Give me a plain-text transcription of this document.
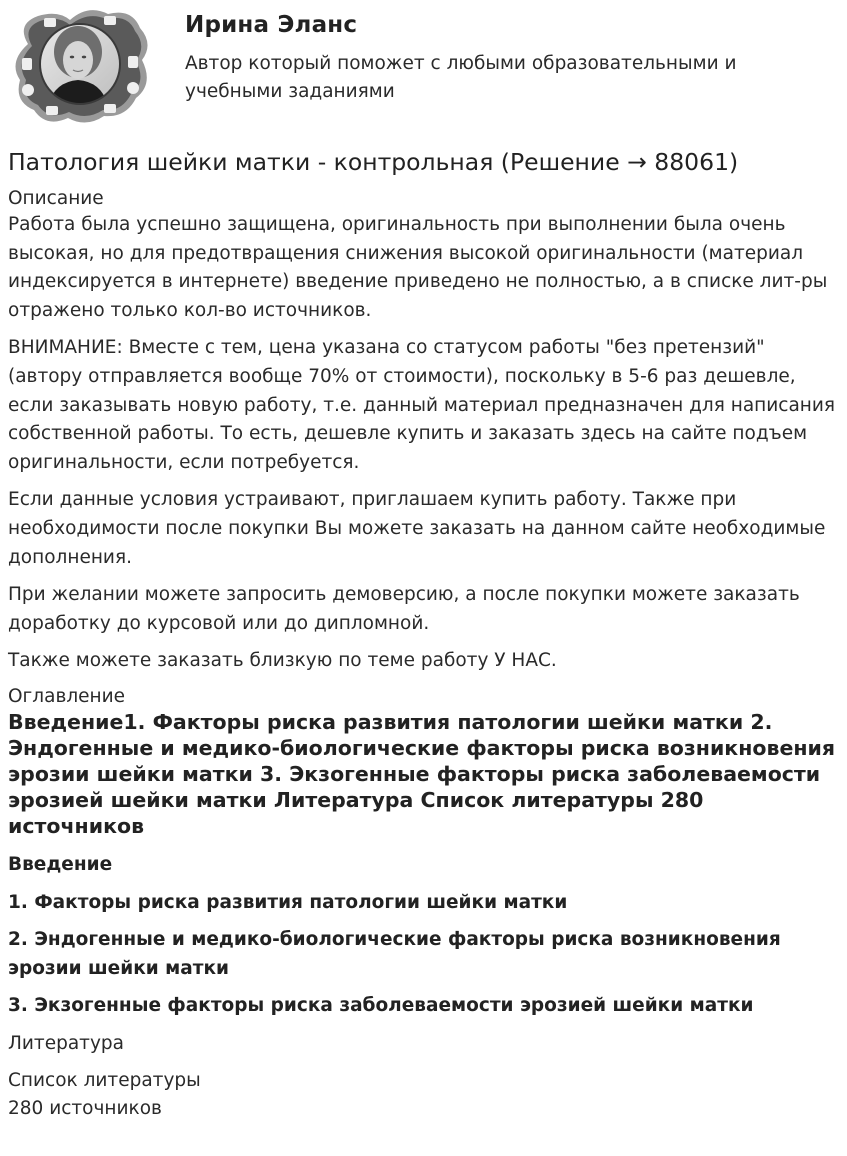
Ирина Эланс
Автор который поможет с любыми образовательными и учебными заданиями
Патология шейки матки - контрольная (Решение → 88061)
Описание

Работа была успешно защищена, оригинальность при выполнении была очень высокая, но для предотвращения снижения высокой оригинальности (материал индексируется в интернете) введение приведено не полностью, а в списке лит-ры отражено только кол-во источников.

ВНИМАНИЕ: Вместе с тем, цена указана со статусом работы "без претензий" (автору отправляется вообще 70% от стоимости), поскольку в 5-6 раз дешевле, если заказывать новую работу, т.е. данный материал предназначен для написания собственной работы. То есть, дешевле купить и заказать здесь на сайте подъем оригинальности, если потребуется.

Если данные условия устраивают, приглашаем купить работу. Также при необходимости после покупки Вы можете заказать на данном сайте необходимые дополнения.

При желании можете запросить демоверсию, а после покупки можете заказать доработку до курсовой или до дипломной.

Также можете заказать близкую по теме работу У НАС.

Оглавление
Введение1. Факторы риска развития патологии шейки матки 2. Эндогенные и медико-биологические факторы риска возникновения эрозии шейки матки 3. Экзогенные факторы риска заболеваемости эрозией шейки матки Литература Список литературы 280 источников
Введение
1. Факторы риска развития патологии шейки матки
2. Эндогенные и медико-биологические факторы риска возникновения эрозии шейки матки
3. Экзогенные факторы риска заболеваемости эрозией шейки матки
Литература
Список литературы
280 источников
